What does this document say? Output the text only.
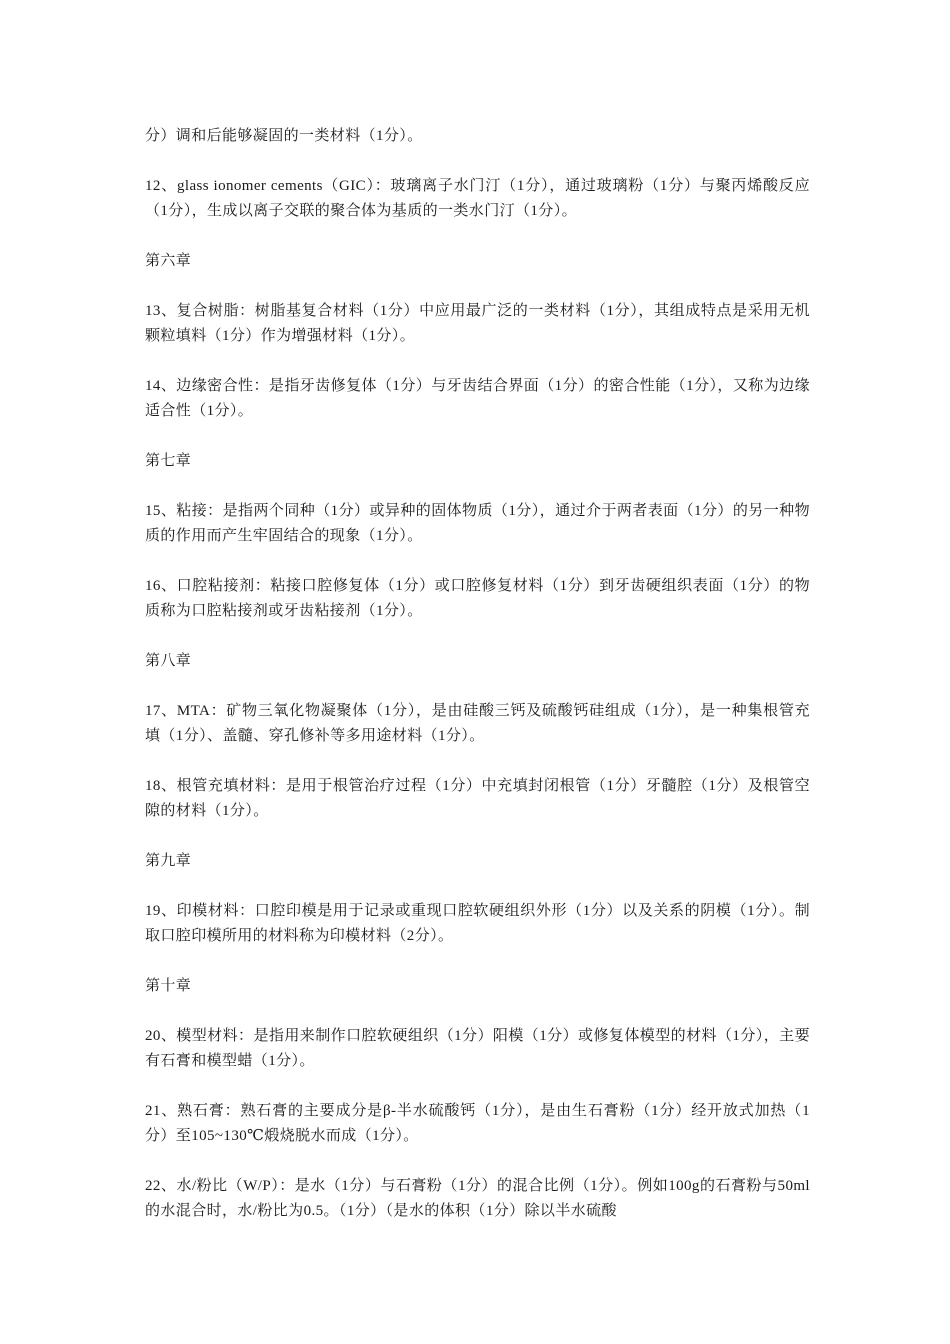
分）调和后能够凝固的一类材料（1分）。

12、glass ionomer cements（GIC）：玻璃离子水门汀（1分），通过玻璃粉（1分）与聚丙烯酸反应（1分），生成以离子交联的聚合体为基质的一类水门汀（1分）。

第六章

13、复合树脂：树脂基复合材料（1分）中应用最广泛的一类材料（1分），其组成特点是采用无机颗粒填料（1分）作为增强材料（1分）。

14、边缘密合性：是指牙齿修复体（1分）与牙齿结合界面（1分）的密合性能（1分），又称为边缘适合性（1分）。

第七章

15、粘接：是指两个同种（1分）或异种的固体物质（1分），通过介于两者表面（1分）的另一种物质的作用而产生牢固结合的现象（1分）。

16、口腔粘接剂：粘接口腔修复体（1分）或口腔修复材料（1分）到牙齿硬组织表面（1分）的物质称为口腔粘接剂或牙齿粘接剂（1分）。

第八章

17、MTA：矿物三氧化物凝聚体（1分），是由硅酸三钙及硫酸钙硅组成（1分），是一种集根管充填（1分）、盖髓、穿孔修补等多用途材料（1分）。

18、根管充填材料：是用于根管治疗过程（1分）中充填封闭根管（1分）牙髓腔（1分）及根管空隙的材料（1分）。

第九章

19、印模材料：口腔印模是用于记录或重现口腔软硬组织外形（1分）以及关系的阴模（1分）。制取口腔印模所用的材料称为印模材料（2分）。

第十章

20、模型材料：是指用来制作口腔软硬组织（1分）阳模（1分）或修复体模型的材料（1分），主要有石膏和模型蜡（1分）。

21、熟石膏：熟石膏的主要成分是β-半水硫酸钙（1分），是由生石膏粉（1分）经开放式加热（1分）至105~130℃煅烧脱水而成（1分）。

22、水/粉比（W/P）：是水（1分）与石膏粉（1分）的混合比例（1分）。例如100g的石膏粉与50ml的水混合时，水/粉比为0.5。（1分）（是水的体积（1分）除以半水硫酸
